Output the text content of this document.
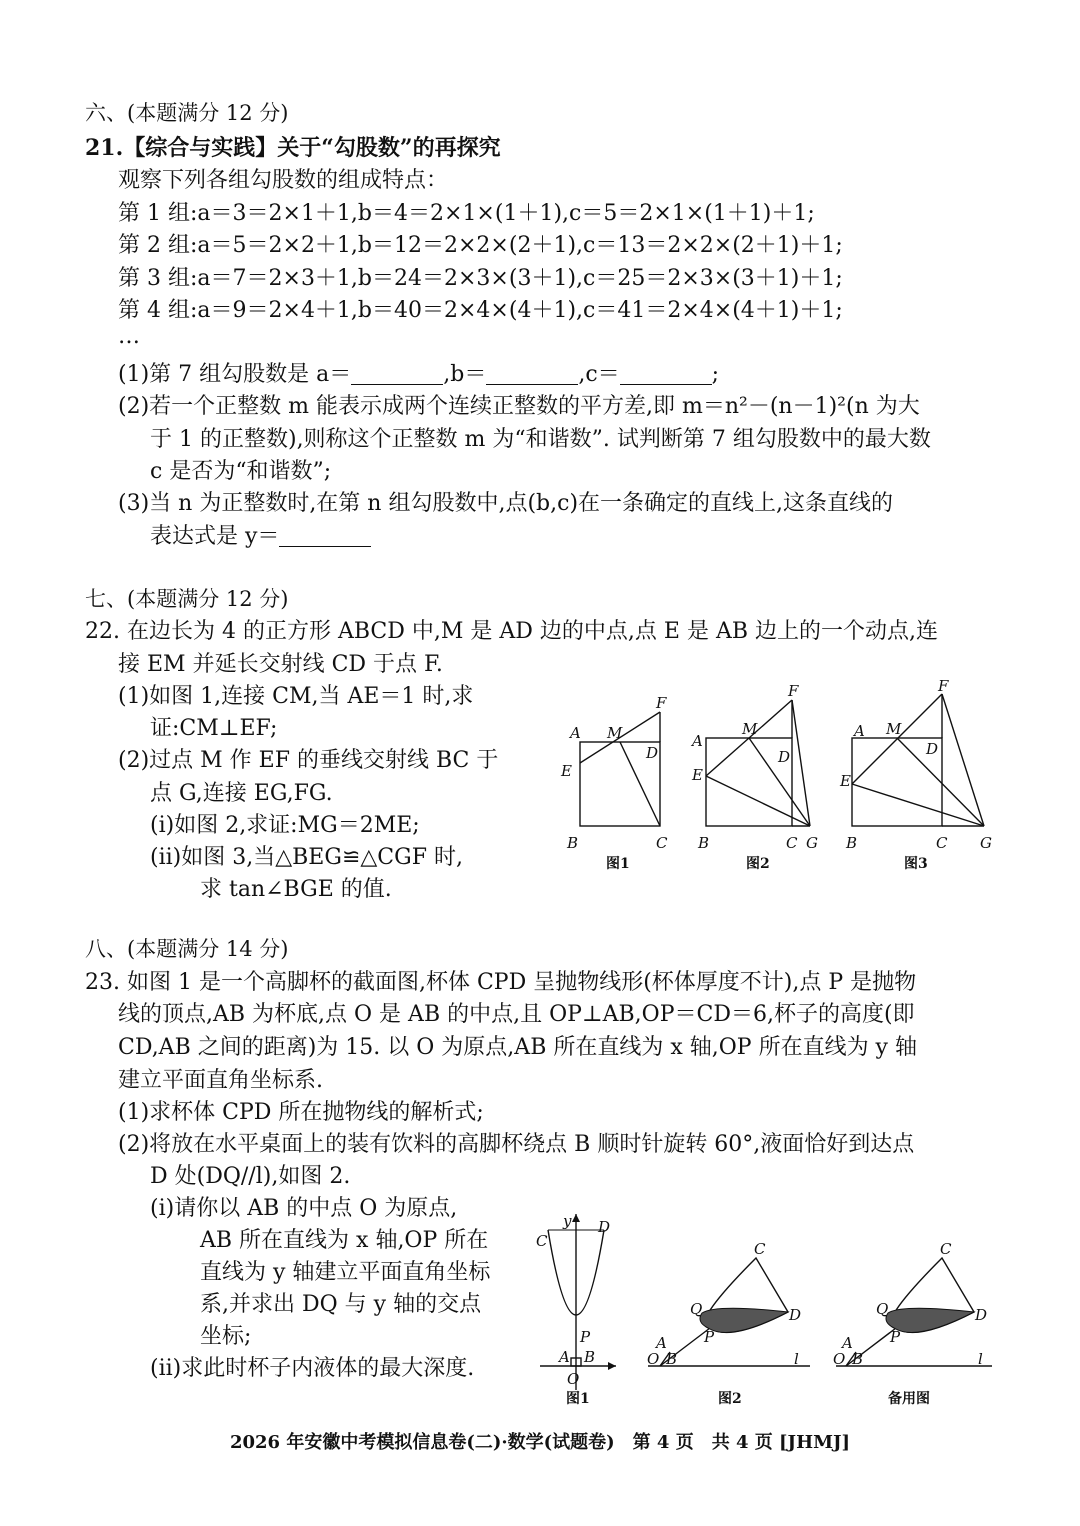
六、(本题满分 12 分)
21.【综合与实践】关于“勾股数”的再探究
观察下列各组勾股数的组成特点：
第 1 组:a＝3＝2×1＋1,b＝4＝2×1×(1＋1),c＝5＝2×1×(1＋1)＋1;
第 2 组:a＝5＝2×2＋1,b＝12＝2×2×(2＋1),c＝13＝2×2×(2＋1)＋1;
第 3 组:a＝7＝2×3＋1,b＝24＝2×3×(3＋1),c＝25＝2×3×(3＋1)＋1;
第 4 组:a＝9＝2×4＋1,b＝40＝2×4×(4＋1),c＝41＝2×4×(4＋1)＋1;
…
(1)第 7 组勾股数是 a＝	,b＝	,c＝	;
(2)若一个正整数 m 能表示成两个连续正整数的平方差,即 m＝n²－(n－1)²(n 为大
于 1 的正整数),则称这个正整数 m 为“和谐数”. 试判断第 7 组勾股数中的最大数
c 是否为“和谐数”;
(3)当 n 为正整数时,在第 n 组勾股数中,点(b,c)在一条确定的直线上,这条直线的
表达式是 y＝
七、(本题满分 12 分)
22. 在边长为 4 的正方形 ABCD 中,M 是 AD 边的中点,点 E 是 AB 边上的一个动点,连
接 EM 并延长交射线 CD 于点 F.
(1)如图 1,连接 CM,当 AE＝1 时,求
证:CM⊥EF;
(2)过点 M 作 EF 的垂线交射线 BC 于
点 G,连接 EG,FG.
(ⅰ)如图 2,求证:MG＝2ME;
(ⅱ)如图 3,当△BEG≌△CGF 时,
求 tan∠BGE 的值.
A M
F
D
E
B	C
图1
A
M
F
D
E
B	C G
图2
A M
F
D
E
B	C G
图3
八、(本题满分 14 分)
23. 如图 1 是一个高脚杯的截面图,杯体 CPD 呈抛物线形(杯体厚度不计),点 P 是抛物
线的顶点,AB 为杯底,点 O 是 AB 的中点,且 OP⊥AB,OP＝CD＝6,杯子的高度(即
CD,AB 之间的距离)为 15. 以 O 为原点,AB 所在直线为 x 轴,OP 所在直线为 y 轴
建立平面直角坐标系.
(1)求杯体 CPD 所在抛物线的解析式;
(2)将放在水平桌面上的装有饮料的高脚杯绕点 B 顺时针旋转 60°,液面恰好到达点
D 处(DQ//l),如图 2.
(ⅰ)请你以 AB 的中点 O 为原点,
AB 所在直线为 x 轴,OP 所在
直线为 y 轴建立平面直角坐标
系,并求出 DQ 与 y 轴的交点
坐标;
(ⅱ)求此时杯子内液体的最大深度.
y
C
D
P
A B
O
图1
C
D
Q
P
A
O B	l
图2
C
D
Q
P
A
O B	l
备用图
2026 年安徽中考模拟信息卷(二)·数学(试题卷)　第 4 页　共 4 页 [JHMJ]
